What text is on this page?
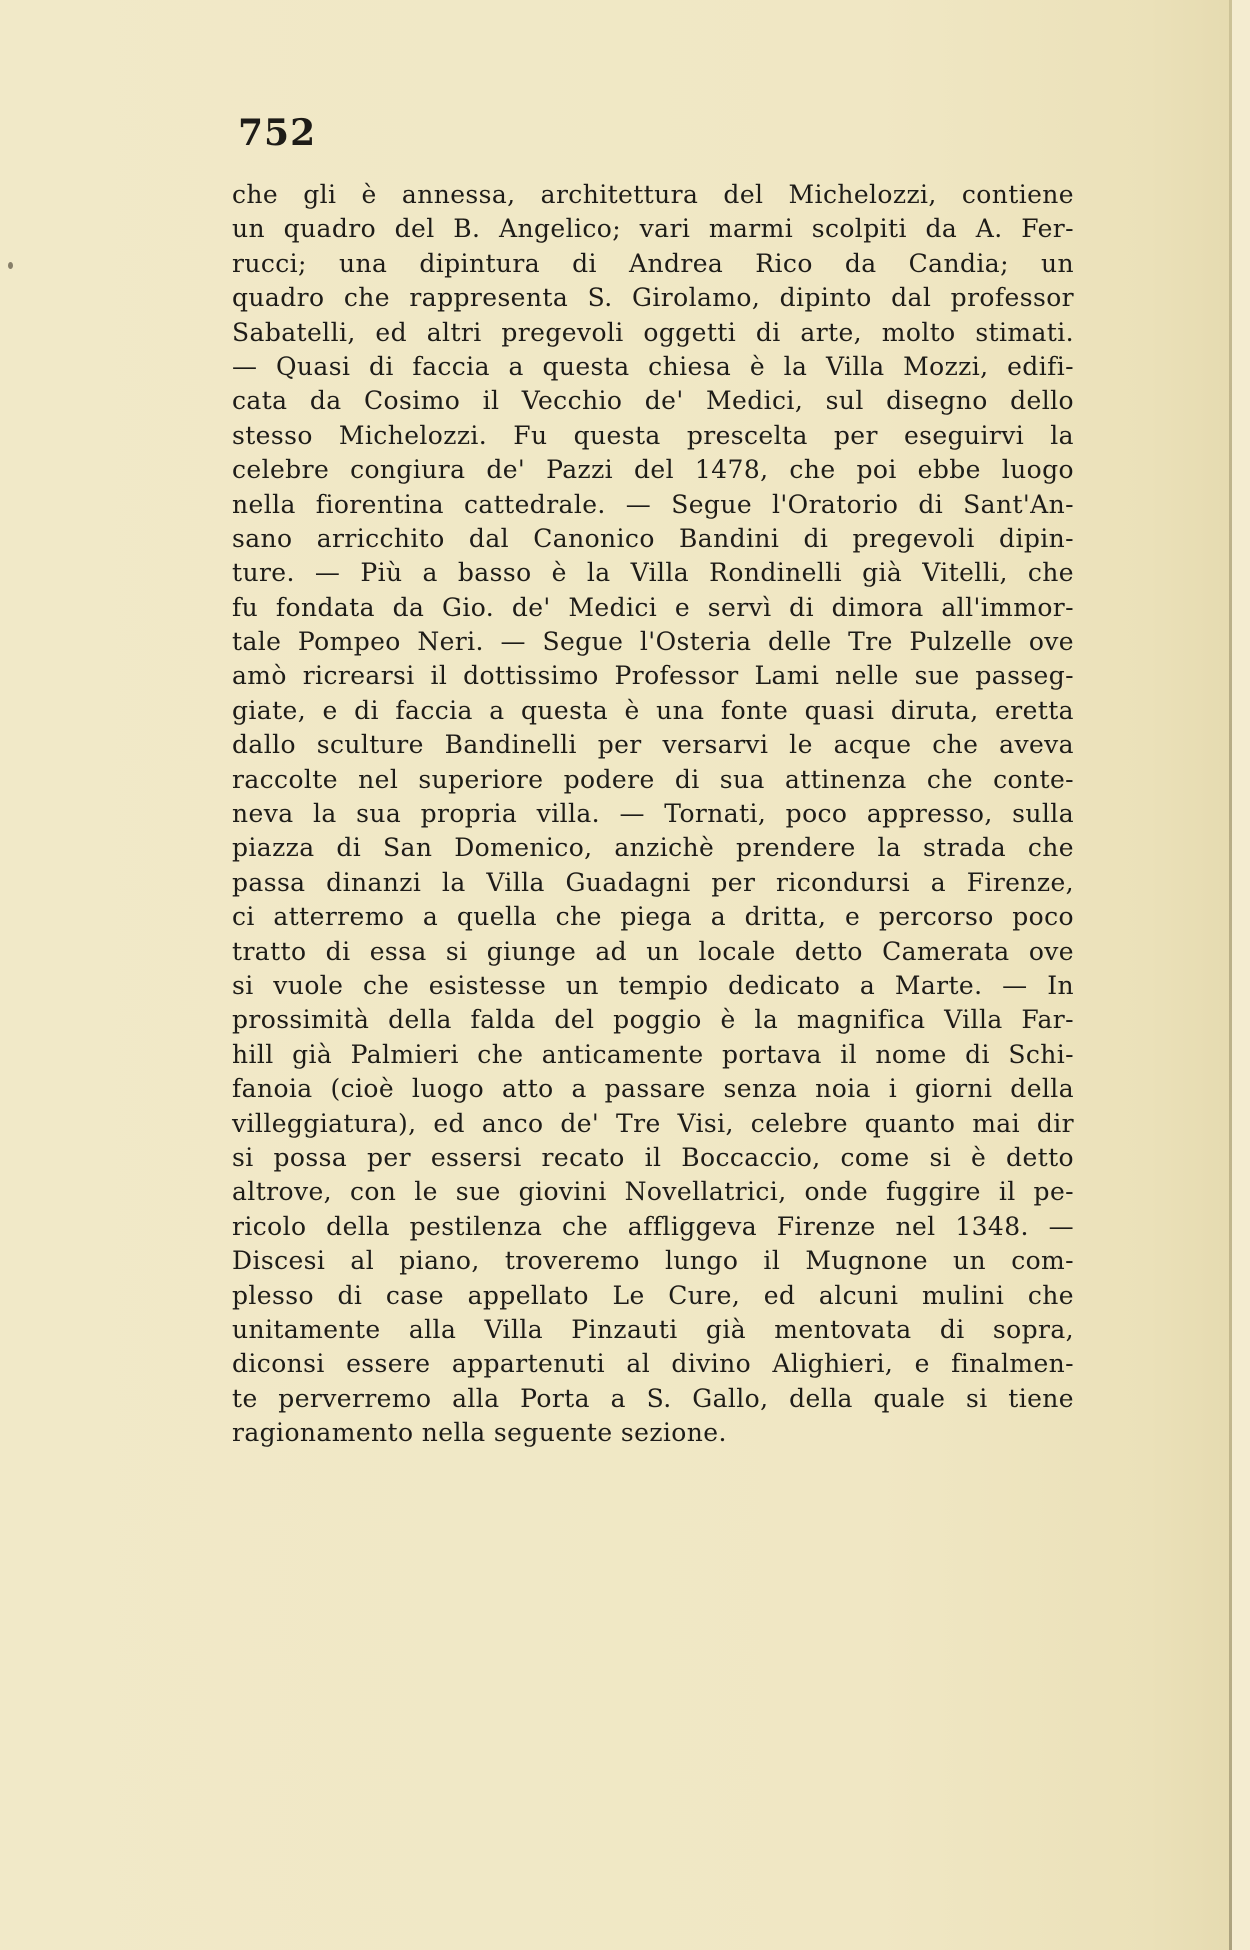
752
che gli è annessa, architettura del Michelozzi, contiene
un quadro del B. Angelico; vari marmi scolpiti da A. Fer-
rucci; una dipintura di Andrea Rico da Candia; un
quadro che rappresenta S. Girolamo, dipinto dal professor
Sabatelli, ed altri pregevoli oggetti di arte, molto stimati.
— Quasi di faccia a questa chiesa è la Villa Mozzi, edifi-
cata da Cosimo il Vecchio de' Medici, sul disegno dello
stesso Michelozzi. Fu questa prescelta per eseguirvi la
celebre congiura de' Pazzi del 1478, che poi ebbe luogo
nella fiorentina cattedrale. — Segue l'Oratorio di Sant'An-
sano arricchito dal Canonico Bandini di pregevoli dipin-
ture. — Più a basso è la Villa Rondinelli già Vitelli, che
fu fondata da Gio. de' Medici e servì di dimora all'immor-
tale Pompeo Neri. — Segue l'Osteria delle Tre Pulzelle ove
amò ricrearsi il dottissimo Professor Lami nelle sue passeg-
giate, e di faccia a questa è una fonte quasi diruta, eretta
dallo sculture Bandinelli per versarvi le acque che aveva
raccolte nel superiore podere di sua attinenza che conte-
neva la sua propria villa. — Tornati, poco appresso, sulla
piazza di San Domenico, anzichè prendere la strada che
passa dinanzi la Villa Guadagni per ricondursi a Firenze,
ci atterremo a quella che piega a dritta, e percorso poco
tratto di essa si giunge ad un locale detto Camerata ove
si vuole che esistesse un tempio dedicato a Marte. — In
prossimità della falda del poggio è la magnifica Villa Far-
hill già Palmieri che anticamente portava il nome di Schi-
fanoia (cioè luogo atto a passare senza noia i giorni della
villeggiatura), ed anco de' Tre Visi, celebre quanto mai dir
si possa per essersi recato il Boccaccio, come si è detto
altrove, con le sue giovini Novellatrici, onde fuggire il pe-
ricolo della pestilenza che affliggeva Firenze nel 1348. —
Discesi al piano, troveremo lungo il Mugnone un com-
plesso di case appellato Le Cure, ed alcuni mulini che
unitamente alla Villa Pinzauti già mentovata di sopra,
diconsi essere appartenuti al divino Alighieri, e finalmen-
te perverremo alla Porta a S. Gallo, della quale si tiene
ragionamento nella seguente sezione.
